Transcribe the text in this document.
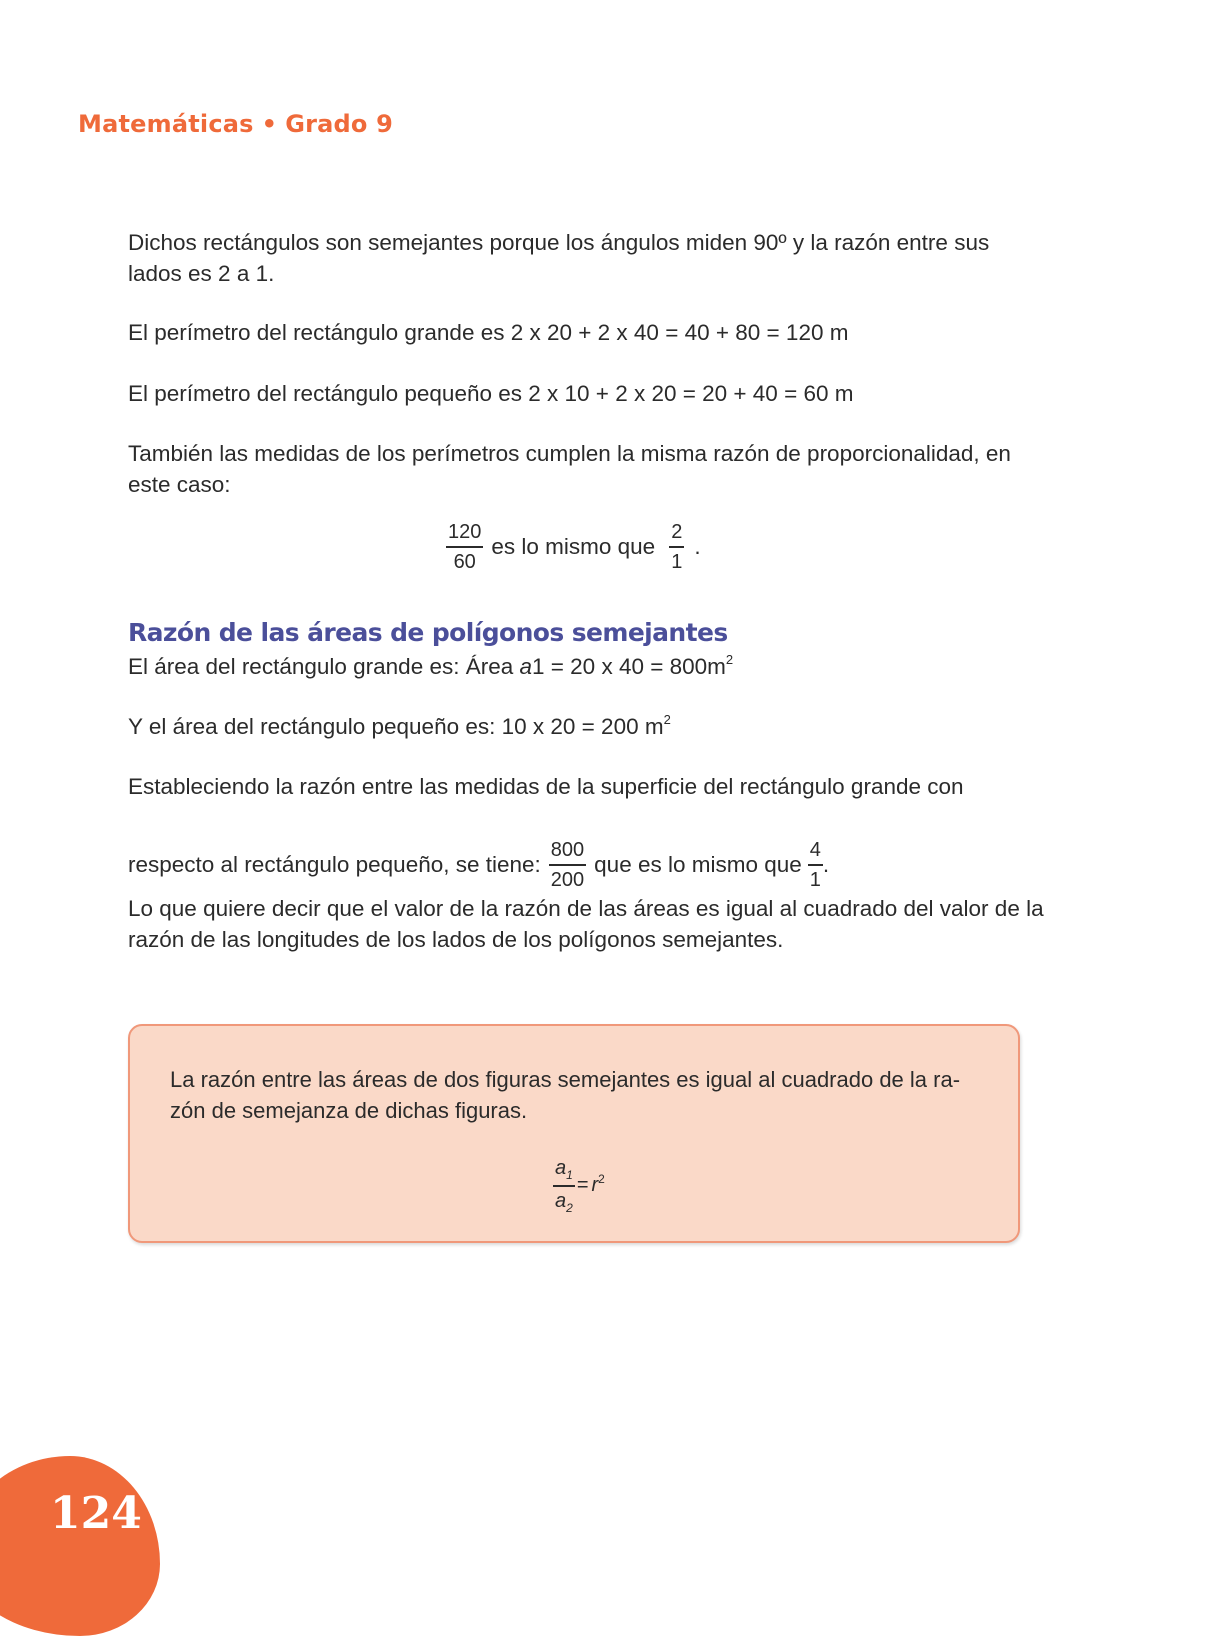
Matemáticas • Grado 9

Dichos rectángulos son semejantes porque los ángulos miden 90º y la razón entre sus lados es 2 a 1.

El perímetro del rectángulo grande es 2 x 20 + 2 x 40 = 40 + 80 = 120 m

El perímetro del rectángulo pequeño es 2 x 10 + 2 x 20 = 20 + 40 = 60 m

También las medidas de los perímetros cumplen la misma razón de proporcionalidad, en este caso:

$\frac{120}{60}$ es lo mismo que $\frac{2}{1}$ .
Razón de las áreas de polígonos semejantes

El área del rectángulo grande es: Área a1 = 20 x $40 = 800m^2$

Y el área del rectángulo pequeño es: 10 x 20 = 200 $m^2$

Estableciendo la razón entre las medidas de la superficie del rectángulo grande con

respecto al rectángulo pequeño, se tiene: $\frac{800}{200}$ que es lo mismo que $\frac{4}{1}$ .

Lo que quiere decir que el valor de la razón de las áreas es igual al cuadrado del valor de la razón de las longitudes de los lados de los polígonos semejantes.

La razón entre las áreas de dos figuras semejantes es igual al cuadrado de la ra-
zón de semejanza de dichas figuras.
$\frac{a_1}{a_2} = r^2$
124
